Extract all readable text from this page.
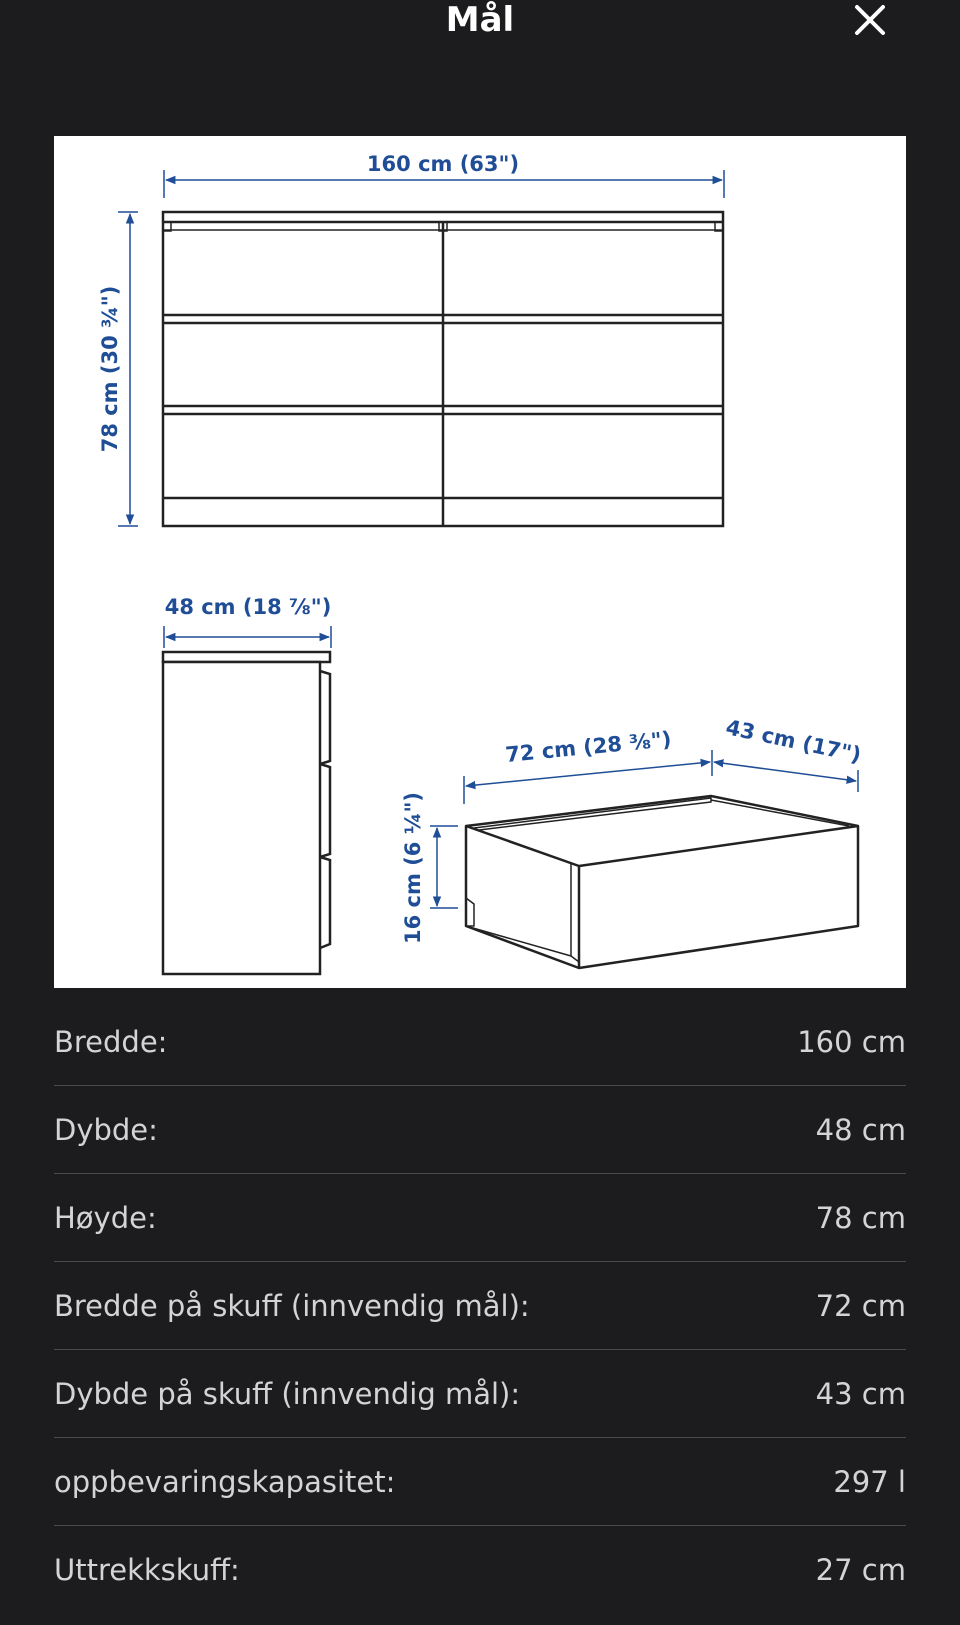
Mål
160 cm (63")
78 cm (30 ¾")
48 cm (18 ⅞")
72 cm (28 ⅜") 43 cm (17")
16 cm (6 ¼")
Bredde:	160 cm
Dybde:	48 cm
Høyde:	78 cm
Bredde på skuff (innvendig mål):	72 cm
Dybde på skuff (innvendig mål):	43 cm
oppbevaringskapasitet:	297 l
Uttrekkskuff:	27 cm
